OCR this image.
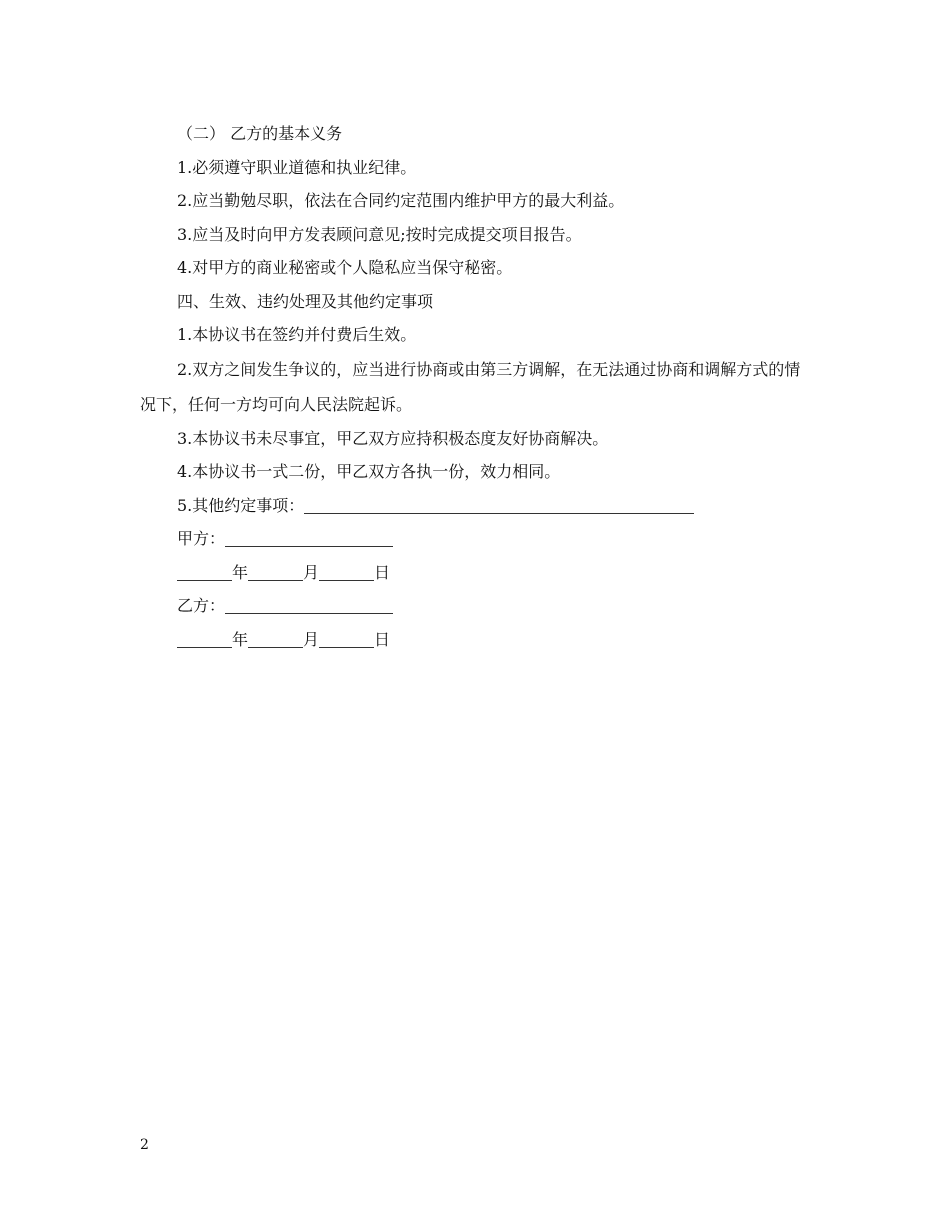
（二） 乙方的基本义务

1.必须遵守职业道德和执业纪律。

2.应当勤勉尽职，依法在合同约定范围内维护甲方的最大利益。

3.应当及时向甲方发表顾问意见;按时完成提交项目报告。

4.对甲方的商业秘密或个人隐私应当保守秘密。

四、生效、违约处理及其他约定事项

1.本协议书在签约并付费后生效。

2.双方之间发生争议的，应当进行协商或由第三方调解，在无法通过协商和调解方式的情况下，任何一方均可向人民法院起诉。

3.本协议书未尽事宜，甲乙双方应持积极态度友好协商解决。

4.本协议书一式二份，甲乙双方各执一份，效力相同。

5.其他约定事项：

甲方：

年	月	日

乙方：

年	月	日

2
